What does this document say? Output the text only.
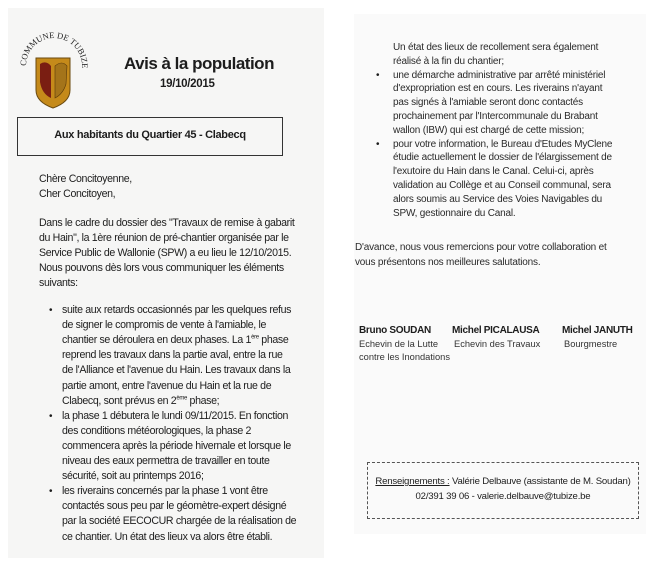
COMMUNE DE TUBIZE Avis à la population
19/10/2015
Aux habitants du Quartier 45 - Clabecq
Chère Concitoyenne,
Cher Concitoyen,
Dans le cadre du dossier des "Travaux de remise à gabarit
du Hain", la 1ère réunion de pré-chantier organisée par le
Service Public de Wallonie (SPW) a eu lieu le 12/10/2015.
Nous pouvons dès lors vous communiquer les éléments
suivants:
• suite aux retards occasionnés par les quelques refus
de signer le compromis de vente à l'amiable, le
chantier se déroulera en deux phases. La 1ère phase
reprend les travaux dans la partie aval, entre la rue
de l'Alliance et l'avenue du Hain. Les travaux dans la
partie amont, entre l'avenue du Hain et la rue de
Clabecq, sont prévus en 2ème phase;
• la phase 1 débutera le lundi 09/11/2015. En fonction
des conditions météorologiques, la phase 2
commencera après la période hivernale et lorsque le
niveau des eaux permettra de travailler en toute
sécurité, soit au printemps 2016;
• les riverains concernés par la phase 1 vont être
contactés sous peu par le géomètre-expert désigné
par la société EECOCUR chargée de la réalisation de
ce chantier. Un état des lieux va alors être établi.
Un état des lieux de recollement sera également
réalisé à la fin du chantier;
• une démarche administrative par arrêté ministériel
d'expropriation est en cours. Les riverains n'ayant
pas signés à l'amiable seront donc contactés
prochainement par l'Intercommunale du Brabant
wallon (IBW) qui est chargé de cette mission;
• pour votre information, le Bureau d'Etudes MyClene
étudie actuellement le dossier de l'élargissement de
l'exutoire du Hain dans le Canal. Celui-ci, après
validation au Collège et au Conseil communal, sera
alors soumis au Service des Voies Navigables du
SPW, gestionnaire du Canal.
D'avance, nous vous remercions pour votre collaboration et
vous présentons nos meilleures salutations.
Bruno SOUDAN
Echevin de la Lutte
contre les Inondations
Michel PICALAUSA
Echevin des Travaux
Michel JANUTH
Bourgmestre
Renseignements : Valérie Delbauve (assistante de M. Soudan)
02/391 39 06 - valerie.delbauve@tubize.be
